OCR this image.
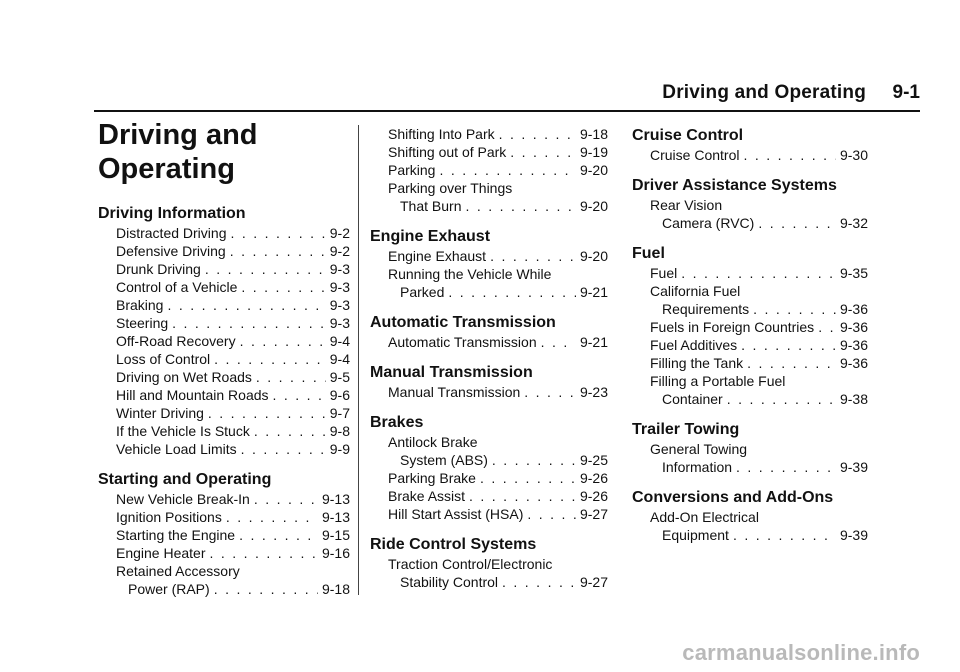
Driving and Operating 9-1
Driving and
Operating
Driving Information
Distracted Driving . . .	9-2
Defensive Driving . . .	9-2
Drunk Driving . . .	9-3
Control of a Vehicle . . .	9-3
Braking . . .	9-3
Steering . . .	9-3
Off-Road Recovery . . .	9-4
Loss of Control . . .	9-4
Driving on Wet Roads . . .	9-5
Hill and Mountain Roads . . .	9-6
Winter Driving . . .	9-7
If the Vehicle Is Stuck . . .	9-8
Vehicle Load Limits . . .	9-9
Starting and Operating
New Vehicle Break-In . . .	9-13
Ignition Positions . . .	9-13
Starting the Engine . . .	9-15
Engine Heater . . .	9-16
Retained Accessory
Power (RAP) . . .	9-18
Shifting Into Park . . .	9-18
Shifting out of Park . . .	9-19
Parking . . .	9-20
Parking over Things
That Burn . . .	9-20
Engine Exhaust
Engine Exhaust . . .	9-20
Running the Vehicle While
Parked . . .	9-21
Automatic Transmission
Automatic Transmission . . .	9-21
Manual Transmission
Manual Transmission . . .	9-23
Brakes
Antilock Brake
System (ABS) . . .	9-25
Parking Brake . . .	9-26
Brake Assist . . .	9-26
Hill Start Assist (HSA) . . .	9-27
Ride Control Systems
Traction Control/Electronic
Stability Control . . .	9-27
Cruise Control
Cruise Control . . .	9-30
Driver Assistance Systems
Rear Vision
Camera (RVC) . . .	9-32
Fuel
Fuel . . .	9-35
California Fuel
Requirements . . .	9-36
Fuels in Foreign Countries . . . 9-36
Fuel Additives . . .	9-36
Filling the Tank . . .	9-36
Filling a Portable Fuel
Container . . .	9-38
Trailer Towing
General Towing
Information . . .	9-39
Conversions and Add-Ons
Add-On Electrical
Equipment . . .	9-39
carmanualsonline.info
